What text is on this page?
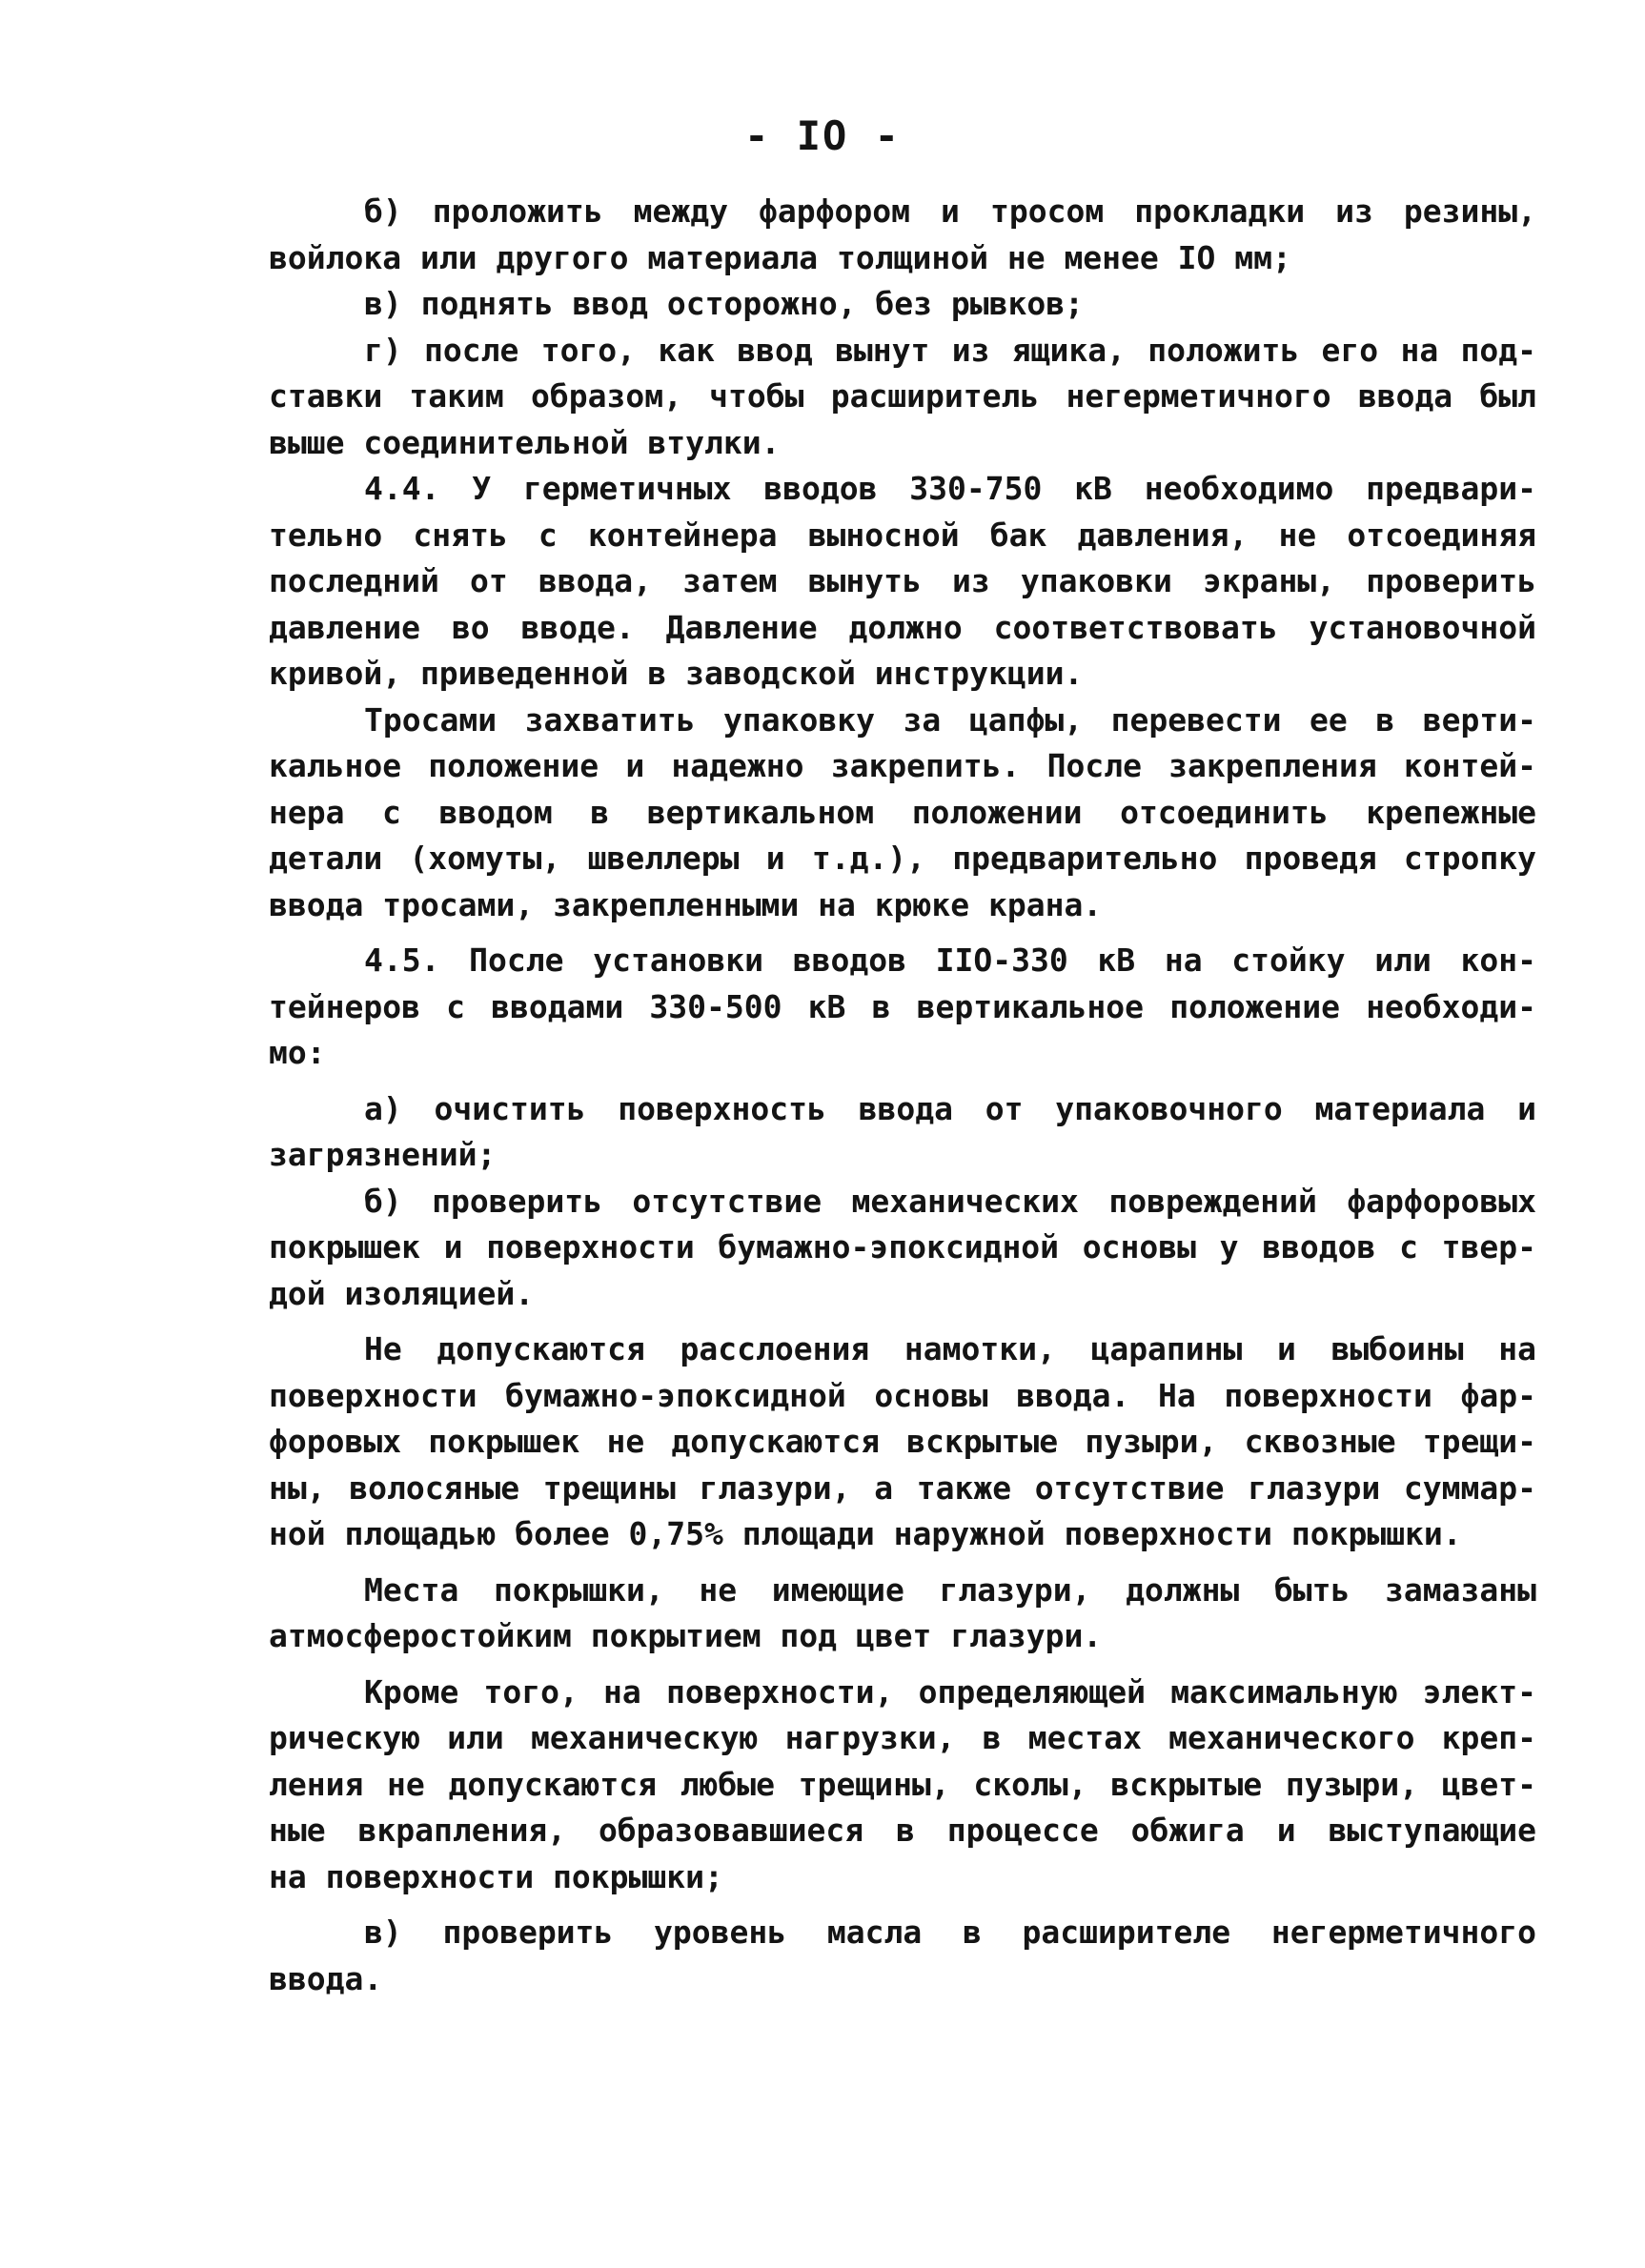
- IO -
б) проложить между фарфором и тросом прокладки из резины,
войлока или другого материала толщиной не менее IO мм;
в) поднять ввод осторожно, без рывков;
г) после того, как ввод вынут из ящика, положить его на под-
ставки таким образом, чтобы расширитель негерметичного ввода был
выше соединительной втулки.
4.4. У герметичных вводов 330-750 кВ необходимо предвари-
тельно снять с контейнера выносной бак давления, не отсоединяя
последний от ввода, затем вынуть из упаковки экраны, проверить
давление во вводе. Давление должно соответствовать установочной
кривой, приведенной в заводской инструкции.
Тросами захватить упаковку за цапфы, перевести ее в верти-
кальное положение и надежно закрепить. После закрепления контей-
нера с вводом в вертикальном положении отсоединить крепежные
детали (хомуты, швеллеры и т.д.), предварительно проведя стропку
ввода тросами, закрепленными на крюке крана.
4.5. После установки вводов IIO-330 кВ на стойку или кон-
тейнеров с вводами 330-500 кВ в вертикальное положение необходи-
мо:
а) очистить поверхность ввода от упаковочного материала и
загрязнений;
б) проверить отсутствие механических повреждений фарфоровых
покрышек и поверхности бумажно-эпоксидной основы у вводов с твер-
дой изоляцией.
Не допускаются расслоения намотки, царапины и выбоины на
поверхности бумажно-эпоксидной основы ввода. На поверхности фар-
форовых покрышек не допускаются вскрытые пузыри, сквозные трещи-
ны, волосяные трещины глазури, а также отсутствие глазури суммар-
ной площадью более 0,75% площади наружной поверхности покрышки.
Места покрышки, не имеющие глазури, должны быть замазаны
атмосферостойким покрытием под цвет глазури.
Кроме того, на поверхности, определяющей максимальную элект-
рическую или механическую нагрузки, в местах механического креп-
ления не допускаются любые трещины, сколы, вскрытые пузыри, цвет-
ные вкрапления, образовавшиеся в процессе обжига и выступающие
на поверхности покрышки;
в) проверить уровень масла в расширителе негерметичного
ввода.
